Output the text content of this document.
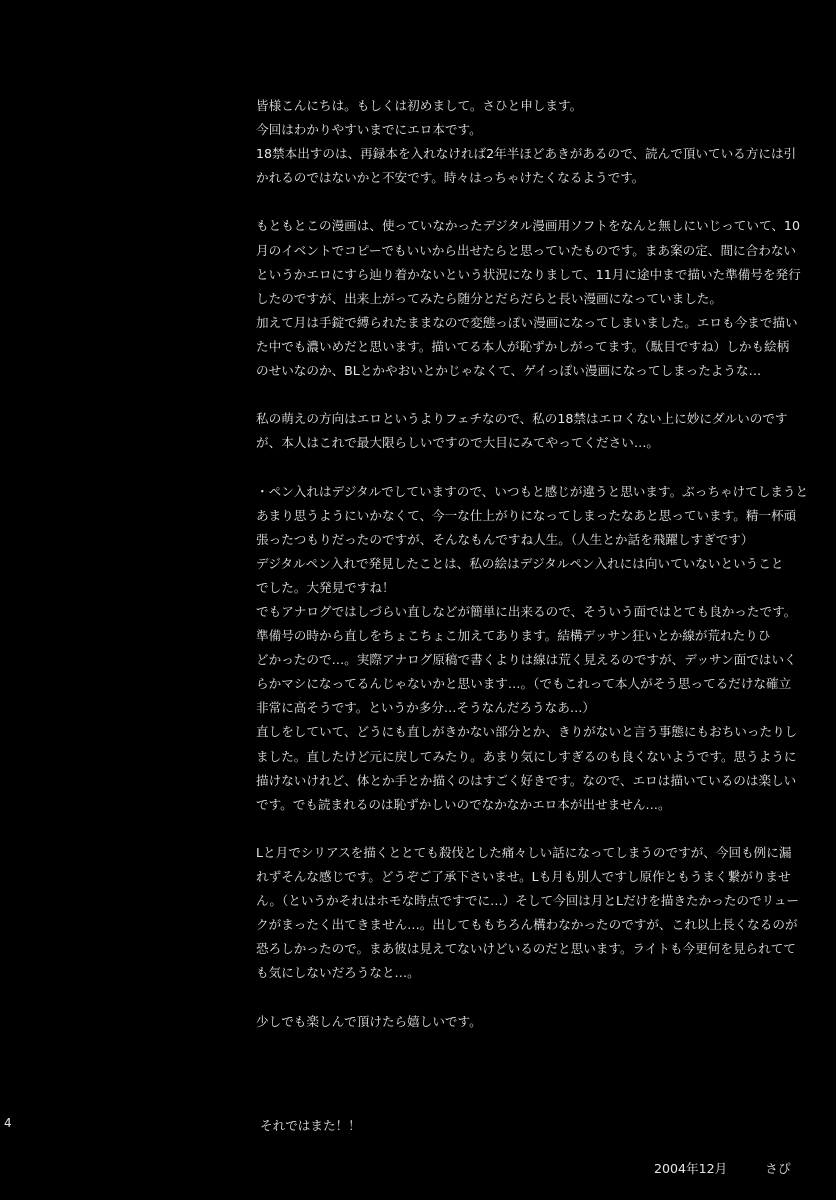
皆様こんにちは。もしくは初めまして。さひと申します。
今回はわかりやすいまでにエロ本です。
18禁本出すのは、再録本を入れなければ2年半ほどあきがあるので、読んで頂いている方には引
かれるのではないかと不安です。時々はっちゃけたくなるようです。
もともとこの漫画は、使っていなかったデジタル漫画用ソフトをなんと無しにいじっていて、10
月のイベントでコピーでもいいから出せたらと思っていたものです。まあ案の定、間に合わない
というかエロにすら辿り着かないという状況になりまして、11月に途中まで描いた準備号を発行
したのですが、出来上がってみたら随分とだらだらと長い漫画になっていました。
加えて月は手錠で縛られたままなので変態っぽい漫画になってしまいました。エロも今まで描い
た中でも濃いめだと思います。描いてる本人が恥ずかしがってます。（駄目ですね）しかも絵柄
のせいなのか、BLとかやおいとかじゃなくて、ゲイっぽい漫画になってしまったような…
私の萌えの方向はエロというよりフェチなので、私の18禁はエロくない上に妙にダルいのです
が、本人はこれで最大限らしいですので大目にみてやってください…。
・ペン入れはデジタルでしていますので、いつもと感じが違うと思います。ぶっちゃけてしまうと
あまり思うようにいかなくて、今一な仕上がりになってしまったなあと思っています。精一杯頑
張ったつもりだったのですが、そんなもんですね人生。（人生とか話を飛躍しすぎです）
デジタルペン入れで発見したことは、私の絵はデジタルペン入れには向いていないということ
でした。大発見ですね！
でもアナログではしづらい直しなどが簡単に出来るので、そういう面ではとても良かったです。
準備号の時から直しをちょこちょこ加えてあります。結構デッサン狂いとか線が荒れたりひ
どかったので…。実際アナログ原稿で書くよりは線は荒く見えるのですが、デッサン面ではいく
らかマシになってるんじゃないかと思います…。（でもこれって本人がそう思ってるだけな確立
非常に高そうです。というか多分…そうなんだろうなあ…）
直しをしていて、どうにも直しがきかない部分とか、きりがないと言う事態にもおちいったりし
ました。直したけど元に戻してみたり。あまり気にしすぎるのも良くないようです。思うように
描けないけれど、体とか手とか描くのはすごく好きです。なので、エロは描いているのは楽しい
です。でも読まれるのは恥ずかしいのでなかなかエロ本が出せません…。
Lと月でシリアスを描くととても殺伐とした痛々しい話になってしまうのですが、今回も例に漏
れずそんな感じです。どうぞご了承下さいませ。Lも月も別人ですし原作ともうまく繋がりませ
ん。（というかそれはホモな時点ですでに…）そして今回は月とLだけを描きたかったのでリュー
クがまったく出てきません…。出してももちろん構わなかったのですが、これ以上長くなるのが
恐ろしかったので。まあ彼は見えてないけどいるのだと思います。ライトも今更何を見られてて
も気にしないだろうなと…。
少しでも楽しんで頂けたら嬉しいです。
4	それではまた！！
2004年12月	さぴ
